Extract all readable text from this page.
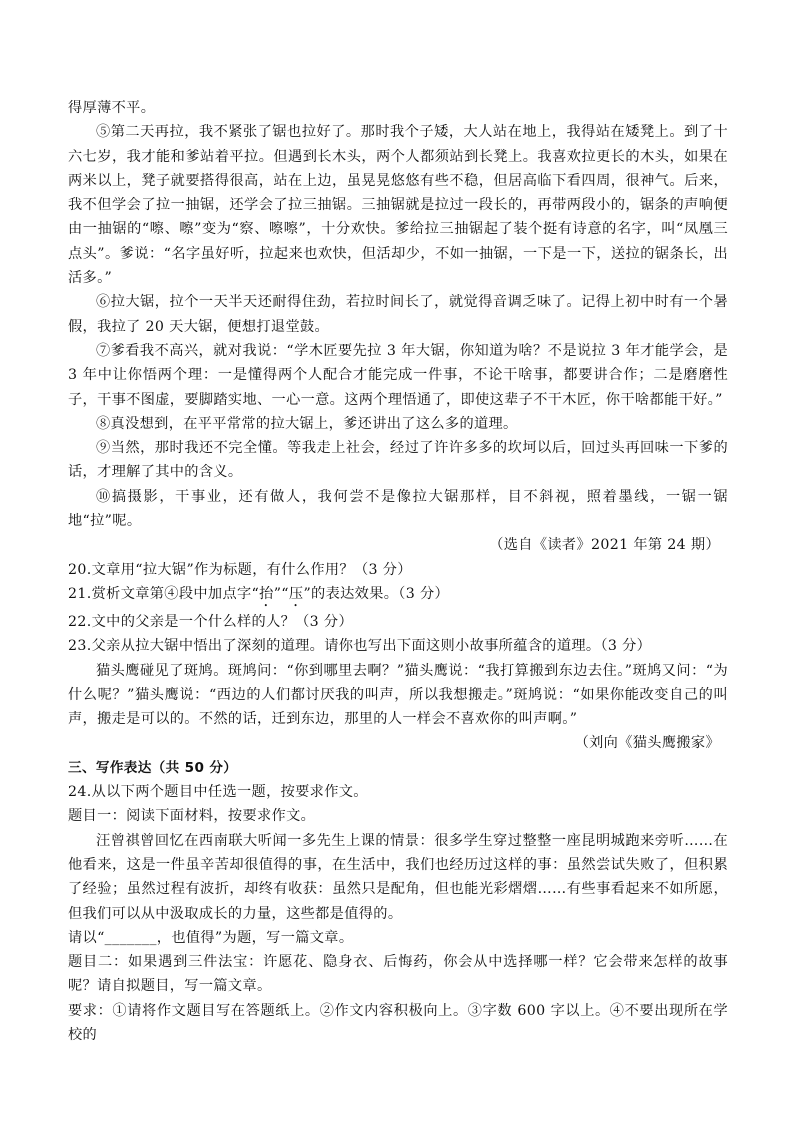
得厚薄不平。

⑤第二天再拉，我不紧张了锯也拉好了。那时我个子矮，大人站在地上，我得站在矮凳上。到了十六七岁，我才能和爹站着平拉。但遇到长木头，两个人都须站到长凳上。我喜欢拉更长的木头，如果在两米以上，凳子就要搭得很高，站在上边，虽晃晃悠悠有些不稳，但居高临下看四周，很神气。后来，我不但学会了拉一抽锯，还学会了拉三抽锯。三抽锯就是拉过一段长的，再带两段小的，锯条的声响便由一抽锯的“嚓、嚓”变为“察、嚓嚓”，十分欢快。爹给拉三抽锯起了装个挺有诗意的名字，叫“凤凰三点头”。爹说：“名字虽好听，拉起来也欢快，但活却少，不如一抽锯，一下是一下，送拉的锯条长，出活多。”

⑥拉大锯，拉个一天半天还耐得住劲，若拉时间长了，就觉得音调乏味了。记得上初中时有一个暑假，我拉了 20 天大锯，便想打退堂鼓。

⑦爹看我不高兴，就对我说：“学木匠要先拉 3 年大锯，你知道为啥？不是说拉 3 年才能学会，是 3 年中让你悟两个理：一是懂得两个人配合才能完成一件事，不论干啥事，都要讲合作；二是磨磨性子，干事不图虚，要脚踏实地、一心一意。这两个理悟通了，即使这辈子不干木匠，你干啥都能干好。”

⑧真没想到，在平平常常的拉大锯上，爹还讲出了这么多的道理。

⑨当然，那时我还不完全懂。等我走上社会，经过了许许多多的坎坷以后，回过头再回味一下爹的话，才理解了其中的含义。

⑩搞摄影，干事业，还有做人，我何尝不是像拉大锯那样，目不斜视，照着墨线，一锯一锯地“拉”呢。

（选自《读者》2021 年第 24 期）

20.文章用“拉大锯”作为标题，有什么作用？（3 分）

21.赏析文章第④段中加点字“抬”“压”的表达效果。（3 分）

22.文中的父亲是一个什么样的人？（3 分）

23.父亲从拉大锯中悟出了深刻的道理。请你也写出下面这则小故事所蕴含的道理。（3 分）

猫头鹰碰见了斑鸠。斑鸠问：“你到哪里去啊？”猫头鹰说：“我打算搬到东边去住。”斑鸠又问：“为什么呢？”猫头鹰说：“西边的人们都讨厌我的叫声，所以我想搬走。”斑鸠说：“如果你能改变自己的叫声，搬走是可以的。不然的话，迁到东边，那里的人一样会不喜欢你的叫声啊。”

（刘向《猫头鹰搬家》

三、写作表达（共 50 分）

24.从以下两个题目中任选一题，按要求作文。

题目一：阅读下面材料，按要求作文。

汪曾祺曾回忆在西南联大听闻一多先生上课的情景：很多学生穿过整整一座昆明城跑来旁听……在他看来，这是一件虽辛苦却很值得的事，在生活中，我们也经历过这样的事：虽然尝试失败了，但积累了经验；虽然过程有波折，却终有收获：虽然只是配角，但也能光彩熠熠……有些事看起来不如所愿，但我们可以从中汲取成长的力量，这些都是值得的。

请以“_______，也值得”为题，写一篇文章。

题目二：如果遇到三件法宝：许愿花、隐身衣、后悔药，你会从中选择哪一样？它会带来怎样的故事呢？请自拟题目，写一篇文章。

要求：①请将作文题目写在答题纸上。②作文内容积极向上。③字数 600 字以上。④不要出现所在学校的
